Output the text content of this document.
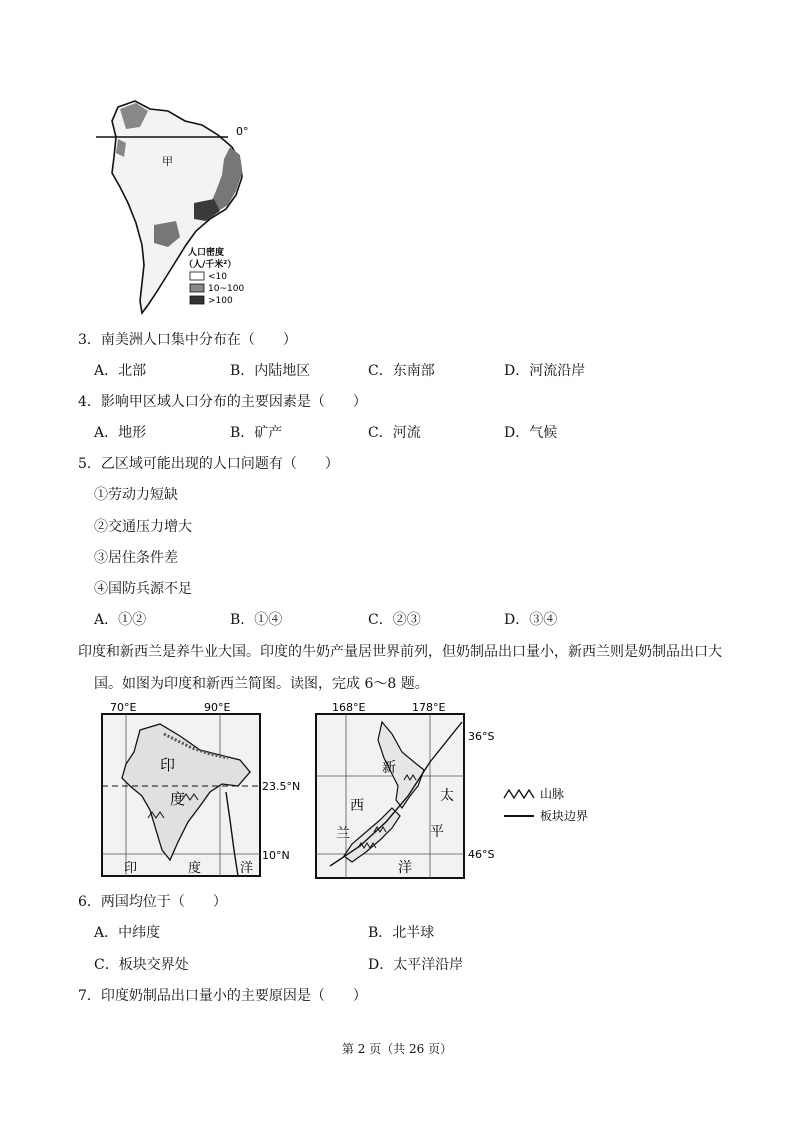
0°
甲
人口密度
（人/千米²）
<10
10~100
>100
3．南美洲人口集中分布在（　　）
A．北部	B．内陆地区	C．东南部	D．河流沿岸
4．影响甲区域人口分布的主要因素是（　　）
A．地形	B．矿产	C．河流	D．气候
5．乙区域可能出现的人口问题有（　　）
①劳动力短缺
②交通压力增大
③居住条件差
④国防兵源不足
A．①②	B．①④	C．②③	D．③④
印度和新西兰是养牛业大国。印度的牛奶产量居世界前列，但奶制品出口量小，新西兰则是奶制品出口大
国。如图为印度和新西兰简图。读图，完成 6～8 题。
70°E	90°E
23.5°N
10°N
印
度
印	度	洋
168°E	178°E
36°S
46°S
新
西
兰
太
平
洋
山脉
板块边界
6．两国均位于（　　）
A．中纬度	B．北半球
C．板块交界处	D．太平洋沿岸
7．印度奶制品出口量小的主要原因是（　　）
第 2 页（共 26 页）
